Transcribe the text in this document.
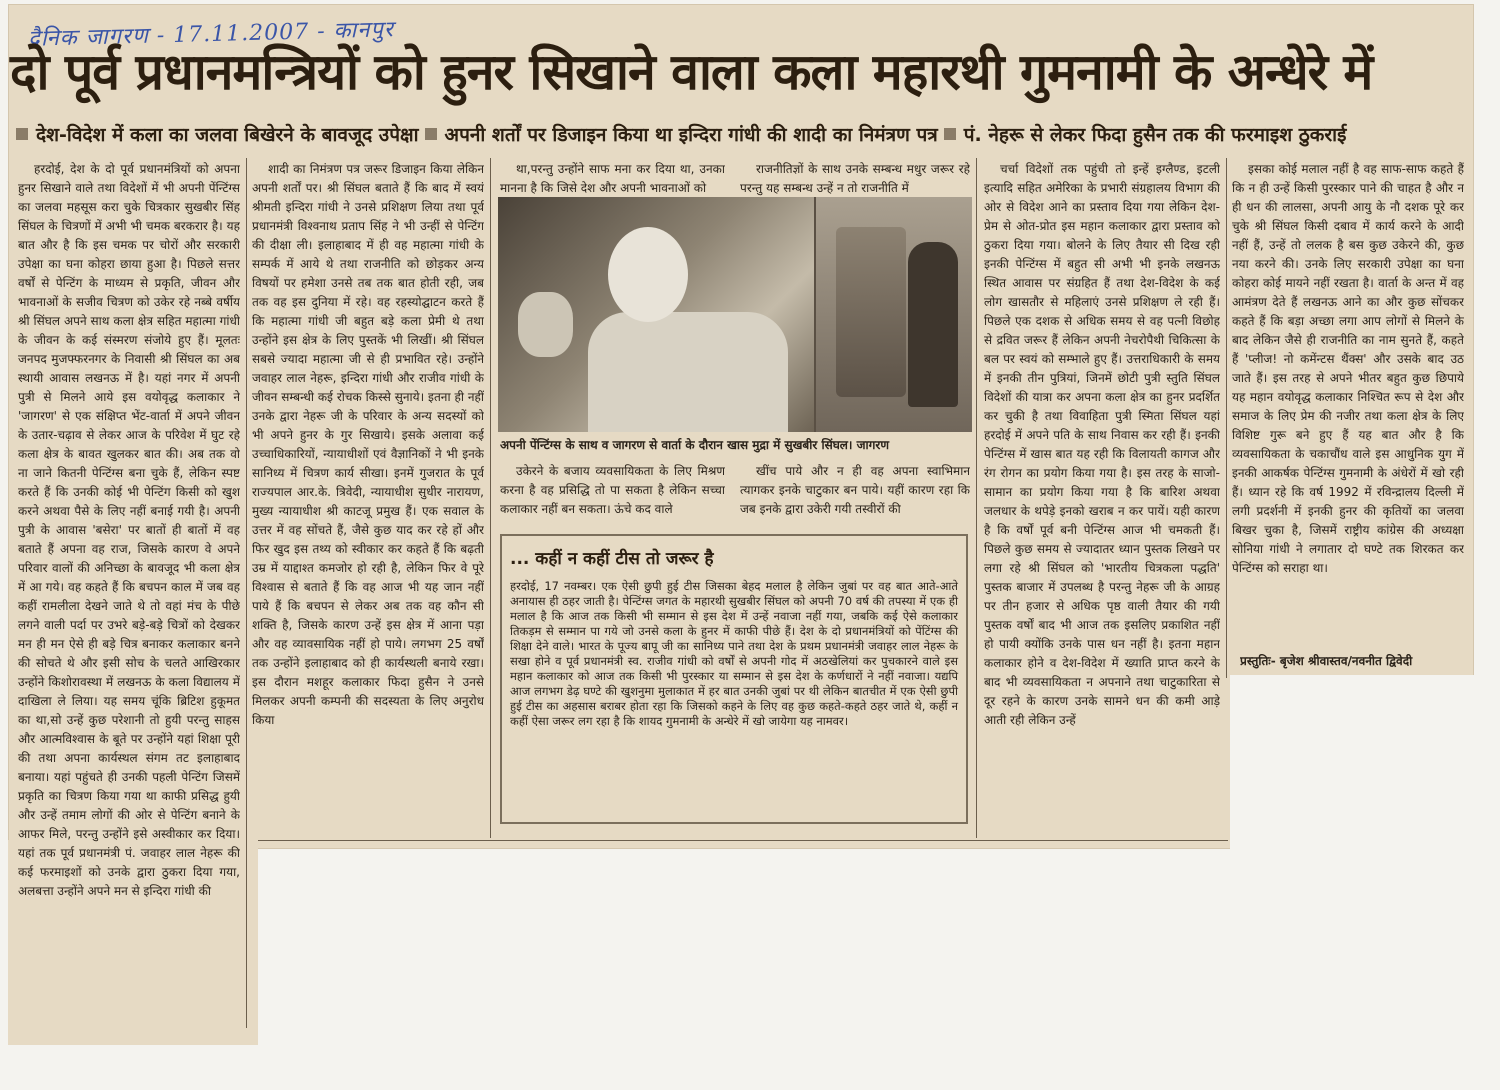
दैनिक जागरण - 17.11.2007 - कानपुर
दो पूर्व प्रधानमन्त्रियों को हुनर सिखाने वाला कला महारथी गुमनामी के अन्धेरे में
देश-विदेश में कला का जलवा बिखेरने के बावजूद उपेक्षा अपनी शर्तों पर डिजाइन किया था इन्दिरा गांधी की शादी का निमंत्रण पत्र पं. नेहरू से लेकर फिदा हुसैन तक की फरमाइश ठुकराई

हरदोई, देश के दो पूर्व प्रधानमंत्रियों को अपना हुनर सिखाने वाले तथा विदेशों में भी अपनी पेंन्टिंग्स का जलवा महसूस करा चुके चित्रकार सुखबीर सिंह सिंघल के चित्रणों में अभी भी चमक बरकरार है। यह बात और है कि इस चमक पर चोरों और सरकारी उपेक्षा का घना कोहरा छाया हुआ है। पिछले सत्तर वर्षों से पेन्टिंग के माध्यम से प्रकृति, जीवन और भावनाओं के सजीव चित्रण को उकेर रहे नब्बे वर्षीय श्री सिंघल अपने साथ कला क्षेत्र सहित महात्मा गांधी के जीवन के कई संस्मरण संजोये हुए हैं। मूलतः जनपद मुजफ्फरनगर के निवासी श्री सिंघल का अब स्थायी आवास लखनऊ में है। यहां नगर में अपनी पुत्री से मिलने आये इस वयोवृद्ध कलाकार ने 'जागरण' से एक संक्षिप्त भेंट-वार्ता में अपने जीवन के उतार-चढ़ाव से लेकर आज के परिवेश में घुट रहे कला क्षेत्र के बावत खुलकर बात की। अब तक वो ना जाने कितनी पेन्टिंग्स बना चुके हैं, लेकिन स्पष्ट करते हैं कि उनकी कोई भी पेन्टिंग किसी को खुश करने अथवा पैसे के लिए नहीं बनाई गयी है। अपनी पुत्री के आवास 'बसेरा' पर बातों ही बातों में वह बताते हैं अपना वह राज, जिसके कारण वे अपने परिवार वालों की अनिच्छा के बावजूद भी कला क्षेत्र में आ गये। वह कहते हैं कि बचपन काल में जब वह कहीं रामलीला देखने जाते थे तो वहां मंच के पीछे लगने वाली पर्दा पर उभरे बड़े-बड़े चित्रों को देखकर मन ही मन ऐसे ही बड़े चित्र बनाकर कलाकार बनने की सोचते थे और इसी सोच के चलते आखिरकार उन्होंने किशोरावस्था में लखनऊ के कला विद्यालय में दाखिला ले लिया। यह समय चूंकि ब्रिटिश हुकूमत का था,सो उन्हें कुछ परेशानी तो हुयी परन्तु साहस और आत्मविश्वास के बूते पर उन्होंने यहां शिक्षा पूरी की तथा अपना कार्यस्थल संगम तट इलाहाबाद बनाया। यहां पहुंचते ही उनकी पहली पेन्टिंग जिसमें प्रकृति का चित्रण किया गया था काफी प्रसिद्ध हुयी और उन्हें तमाम लोगों की ओर से पेन्टिंग बनाने के आफर मिले, परन्तु उन्होंने इसे अस्वीकार कर दिया। यहां तक पूर्व प्रधानमंत्री पं. जवाहर लाल नेहरू की कई फरमाइशों को उनके द्वारा ठुकरा दिया गया, अलबत्ता उन्होंने अपने मन से इन्दिरा गांधी की

शादी का निमंत्रण पत्र जरूर डिजाइन किया लेकिन अपनी शर्तों पर। श्री सिंघल बताते हैं कि बाद में स्वयं श्रीमती इन्दिरा गांधी ने उनसे प्रशिक्षण लिया तथा पूर्व प्रधानमंत्री विश्वनाथ प्रताप सिंह ने भी उन्हीं से पेन्टिंग की दीक्षा ली। इलाहाबाद में ही वह महात्मा गांधी के सम्पर्क में आये थे तथा राजनीति को छोड़कर अन्य विषयों पर हमेशा उनसे तब तक बात होती रही, जब तक वह इस दुनिया में रहे। वह रहस्योद्घाटन करते हैं कि महात्मा गांधी जी बहुत बड़े कला प्रेमी थे तथा उन्होंने इस क्षेत्र के लिए पुस्तकें भी लिखीं। श्री सिंघल सबसे ज्यादा महात्मा जी से ही प्रभावित रहे। उन्होंने जवाहर लाल नेहरू, इन्दिरा गांधी और राजीव गांधी के जीवन सम्बन्धी कई रोचक किस्से सुनाये। इतना ही नहीं उनके द्वारा नेहरू जी के परिवार के अन्य सदस्यों को भी अपने हुनर के गुर सिखाये। इसके अलावा कई उच्चाधिकारियों, न्यायाधीशों एवं वैज्ञानिकों ने भी इनके सानिध्य में चित्रण कार्य सीखा। इनमें गुजरात के पूर्व राज्यपाल आर.के. त्रिवेदी, न्यायाधीश सुधीर नारायण, मुख्य न्यायाधीश श्री काटजू प्रमुख हैं। एक सवाल के उत्तर में वह सोंचते हैं, जैसे कुछ याद कर रहे हों और फिर खुद इस तथ्य को स्वीकार कर कहते हैं कि बढ़ती उम्र में याद्दाश्त कमजोर हो रही है, लेकिन फिर वे पूरे विश्वास से बताते हैं कि वह आज भी यह जान नहीं पाये हैं कि बचपन से लेकर अब तक वह कौन सी शक्ति है, जिसके कारण उन्हें इस क्षेत्र में आना पड़ा और वह व्यावसायिक नहीं हो पाये। लगभग 25 वर्षों तक उन्होंने इलाहाबाद को ही कार्यस्थली बनाये रखा। इस दौरान मशहूर कलाकार फिदा हुसैन ने उनसे मिलकर अपनी कम्पनी की सदस्यता के लिए अनुरोध किया

था,परन्तु उन्होंने साफ मना कर दिया था, उनका मानना है कि जिसे देश और अपनी भावनाओं को

राजनीतिज्ञों के साथ उनके सम्बन्ध मधुर जरूर रहे परन्तु यह सम्बन्ध उन्हें न तो राजनीति में

अपनी पेंन्टिंग्स के साथ व जागरण से वार्ता के दौरान खास मुद्रा में सुखबीर सिंघल। जागरण

उकेरने के बजाय व्यवसायिकता के लिए मिश्रण करना है वह प्रसिद्धि तो पा सकता है लेकिन सच्चा कलाकार नहीं बन सकता। ऊंचे कद वाले

खींच पाये और न ही वह अपना स्वाभिमान त्यागकर इनके चाटुकार बन पाये। यहीं कारण रहा कि जब इनके द्वारा उकेरी गयी तस्वीरों की

... कहीं न कहीं टीस तो जरूर है
हरदोई, 17 नवम्बर। एक ऐसी छुपी हुई टीस जिसका बेहद मलाल है लेकिन जुबां पर वह बात आते-आते अनायास ही ठहर जाती है। पेन्टिंग्स जगत के महारथी सुखबीर सिंघल को अपनी 70 वर्ष की तपस्या में एक ही मलाल है कि आज तक किसी भी सम्मान से इस देश में उन्हें नवाजा नहीं गया, जबकि कई ऐसे कलाकार तिकड़म से सम्मान पा गये जो उनसे कला के हुनर में काफी पीछे हैं। देश के दो प्रधानमंत्रियों को पेंटिंग्स की शिक्षा देने वाले। भारत के पूज्य बापू जी का सानिध्य पाने तथा देश के प्रथम प्रधानमंत्री जवाहर लाल नेहरू के सखा होने व पूर्व प्रधानमंत्री स्व. राजीव गांधी को वर्षों से अपनी गोद में अठखेलियां कर पुचकारने वाले इस महान कलाकार को आज तक किसी भी पुरस्कार या सम्मान से इस देश के कर्णधारों ने नहीं नवाजा। यद्यपि आज लगभग डेढ़ घण्टे की खुशनुमा मुलाकात में हर बात उनकी जुबां पर थी लेकिन बातचीत में एक ऐसी छुपी हुई टीस का अहसास बराबर होता रहा कि जिसको कहने के लिए वह कुछ कहते-कहते ठहर जाते थे, कहीं न कहीं ऐसा जरूर लग रहा है कि शायद गुमनामी के अन्धेरे में खो जायेगा यह नामवर।

चर्चा विदेशों तक पहुंची तो इन्हें इग्लैण्ड, इटली इत्यादि सहित अमेरिका के प्रभारी संग्रहालय विभाग की ओर से विदेश आने का प्रस्ताव दिया गया लेकिन देश-प्रेम से ओत-प्रोत इस महान कलाकार द्वारा प्रस्ताव को ठुकरा दिया गया। बोलने के लिए तैयार सी दिख रही इनकी पेन्टिंग्स में बहुत सी अभी भी इनके लखनऊ स्थित आवास पर संग्रहित हैं तथा देश-विदेश के कई लोग खासतौर से महिलाएं उनसे प्रशिक्षण ले रही हैं। पिछले एक दशक से अधिक समय से वह पत्नी विछोह से द्रवित जरूर हैं लेकिन अपनी नेचरोपैथी चिकित्सा के बल पर स्वयं को सम्भाले हुए हैं। उत्तराधिकारी के समय में इनकी तीन पुत्रियां, जिनमें छोटी पुत्री स्तुति सिंघल विदेशों की यात्रा कर अपना कला क्षेत्र का हुनर प्रदर्शित कर चुकी है तथा विवाहिता पुत्री स्मिता सिंघल यहां हरदोई में अपने पति के साथ निवास कर रही हैं। इनकी पेन्टिंग्स में खास बात यह रही कि विलायती कागज और रंग रोगन का प्रयोग किया गया है। इस तरह के साजो-सामान का प्रयोग किया गया है कि बारिश अथवा जलधार के थपेड़े इनको खराब न कर पायें। यही कारण है कि वर्षों पूर्व बनी पेन्टिंग्स आज भी चमकती हैं। पिछले कुछ समय से ज्यादातर ध्यान पुस्तक लिखने पर लगा रहे श्री सिंघल को 'भारतीय चित्रकला पद्धति' पुस्तक बाजार में उपलब्ध है परन्तु नेहरू जी के आग्रह पर तीन हजार से अधिक पृष्ठ वाली तैयार की गयी पुस्तक वर्षों बाद भी आज तक इसलिए प्रकाशित नहीं हो पायी क्योंकि उनके पास धन नहीं है। इतना महान कलाकार होने व देश-विदेश में ख्याति प्राप्त करने के बाद भी व्यवसायिकता न अपनाने तथा चाटुकारिता से दूर रहने के कारण उनके सामने धन की कमी आड़े आती रही लेकिन उन्हें

इसका कोई मलाल नहीं है वह साफ-साफ कहते हैं कि न ही उन्हें किसी पुरस्कार पाने की चाहत है और न ही धन की लालसा, अपनी आयु के नौ दशक पूरे कर चुके श्री सिंघल किसी दबाव में कार्य करने के आदी नहीं हैं, उन्हें तो ललक है बस कुछ उकेरने की, कुछ नया करने की। उनके लिए सरकारी उपेक्षा का घना कोहरा कोई मायने नहीं रखता है। वार्ता के अन्त में वह आमंत्रण देते हैं लखनऊ आने का और कुछ सोंचकर कहते हैं कि बड़ा अच्छा लगा आप लोगों से मिलने के बाद लेकिन जैसे ही राजनीति का नाम सुनते हैं, कहते हैं 'प्लीज! नो कमेंन्टस थैंक्स' और उसके बाद उठ जाते हैं। इस तरह से अपने भीतर बहुत कुछ छिपाये यह महान वयोवृद्ध कलाकार निश्चित रूप से देश और समाज के लिए प्रेम की नजीर तथा कला क्षेत्र के लिए विशिष्ट गुरू बने हुए हैं यह बात और है कि व्यवसायिकता के चकाचौंध वाले इस आधुनिक युग में इनकी आकर्षक पेन्टिंग्स गुमनामी के अंधेरों में खो रही हैं। ध्यान रहे कि वर्ष 1992 में रविन्द्रालय दिल्ली में लगी प्रदर्शनी में इनकी हुनर की कृतियों का जलवा बिखर चुका है, जिसमें राष्ट्रीय कांग्रेस की अध्यक्षा सोनिया गांधी ने लगातार दो घण्टे तक शिरकत कर पेन्टिंग्स को सराहा था।

प्रस्तुतिः- बृजेश श्रीवास्तव/नवनीत द्विवेदी
